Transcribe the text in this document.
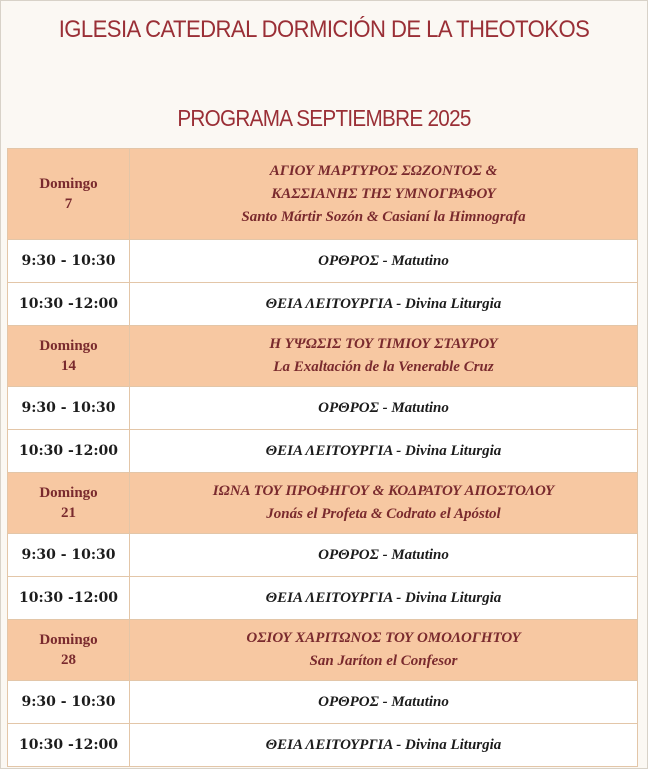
IGLESIA CATEDRAL DORMICIÓN DE LA THEOTOKOS
PROGRAMA SEPTIEMBRE 2025
Domingo
7	ΑΓΙΟΥ ΜΑΡΤΥΡΟΣ ΣΩΖΟΝΤΟΣ &
ΚΑΣΣΙΑΝΗΣ ΤΗΣ ΥΜΝΟΓΡΑΦΟΥ
Santo Mártir Sozón & Casianí la Himnografa
9:30 - 10:30	ΟΡΘΡΟΣ - Matutino
10:30 -12:00	ΘΕΙΑ ΛΕΙΤΟΥΡΓΙΑ - Divina Liturgia
Domingo
14	Η ΥΨΩΣΙΣ ΤΟΥ ΤΙΜΙΟΥ ΣΤΑΥΡΟΥ
La Exaltación de la Venerable Cruz
9:30 - 10:30	ΟΡΘΡΟΣ - Matutino
10:30 -12:00	ΘΕΙΑ ΛΕΙΤΟΥΡΓΙΑ - Divina Liturgia
Domingo
21	ΙΩΝΑ ΤΟΥ ΠΡΟΦΗΓΟΥ & ΚΟΔΡΑΤΟΥ ΑΠΟΣΤΟΛΟΥ
Jonás el Profeta & Codrato el Apóstol
9:30 - 10:30	ΟΡΘΡΟΣ - Matutino
10:30 -12:00	ΘΕΙΑ ΛΕΙΤΟΥΡΓΙΑ - Divina Liturgia
Domingo
28	ΟΣΙΟΥ ΧΑΡΙΤΩΝΟΣ ΤΟΥ ΟΜΟΛΟΓΗΤΟΥ
San Jaríton el Confesor
9:30 - 10:30	ΟΡΘΡΟΣ - Matutino
10:30 -12:00	ΘΕΙΑ ΛΕΙΤΟΥΡΓΙΑ - Divina Liturgia
